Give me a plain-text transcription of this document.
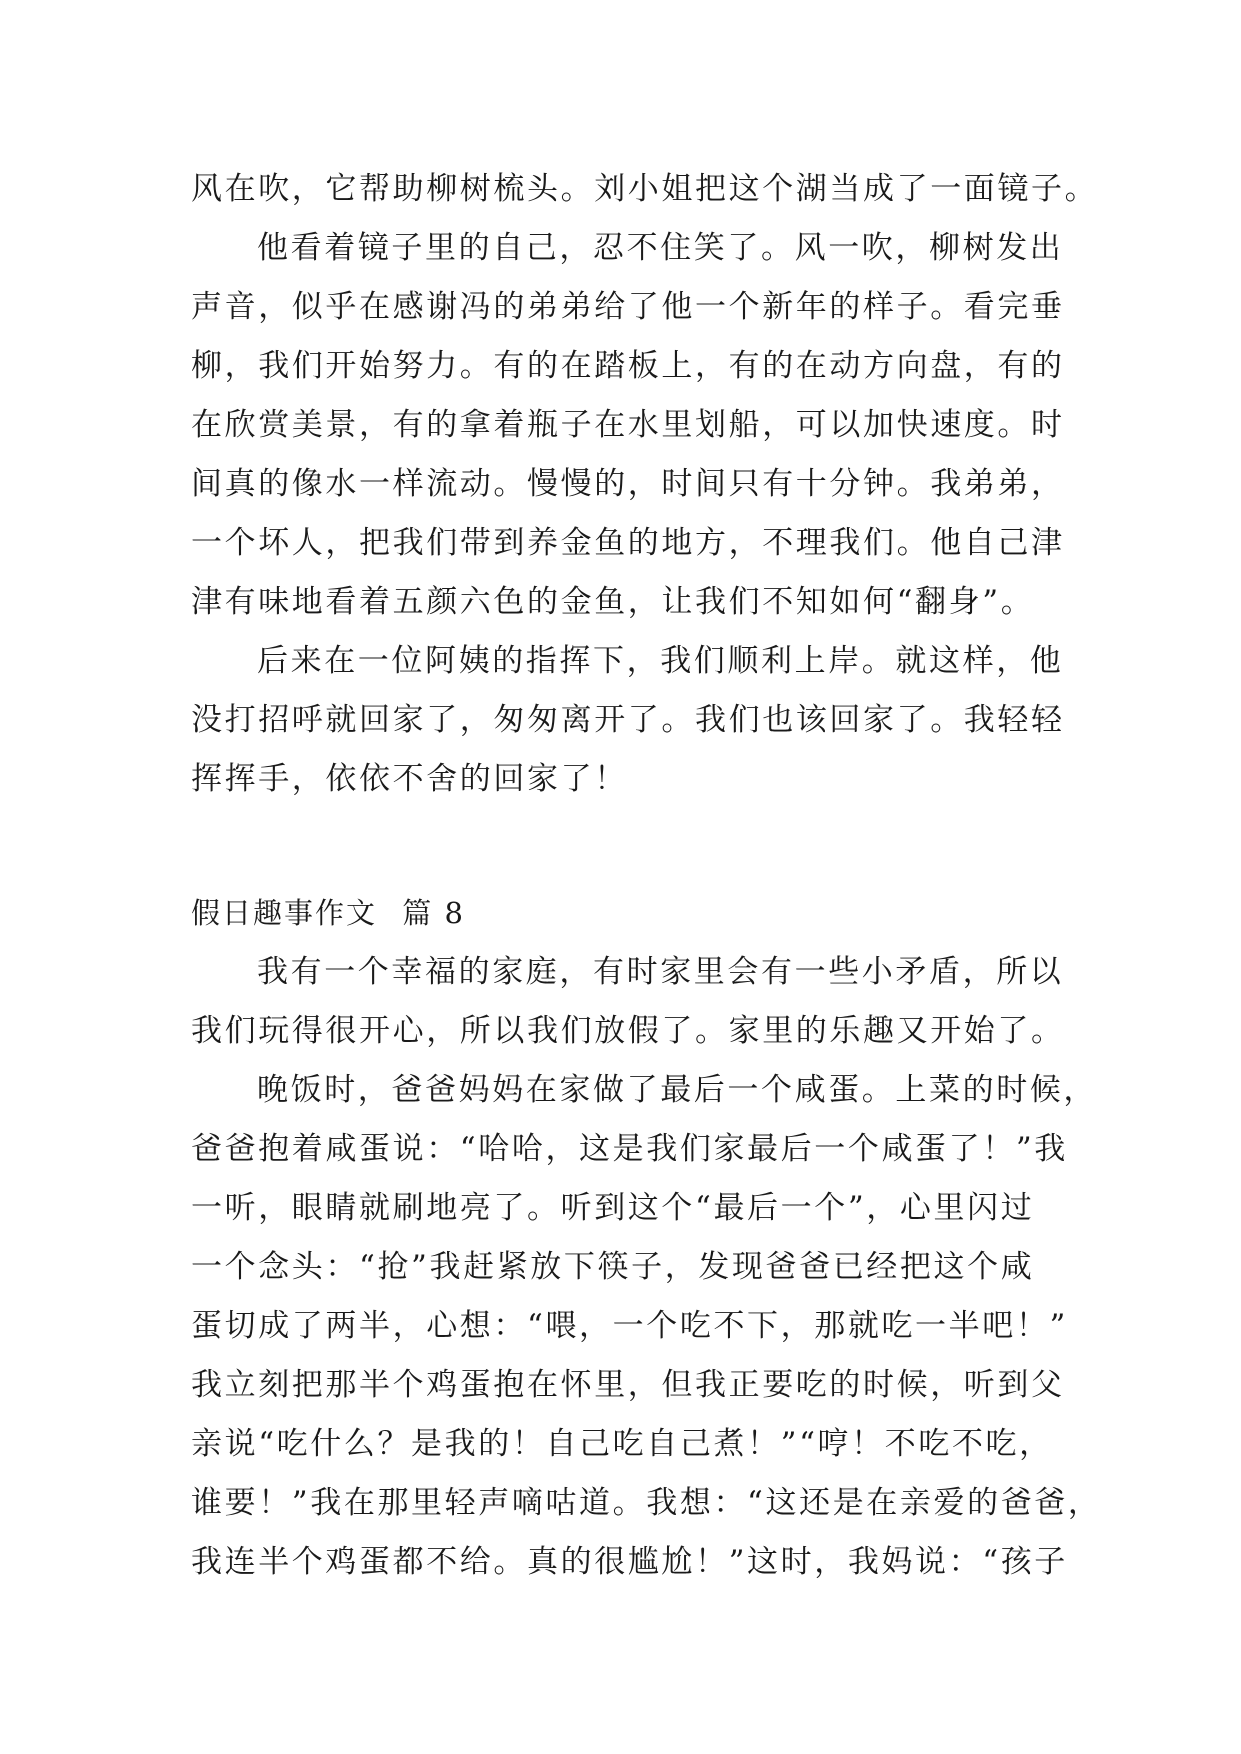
风在吹，它帮助柳树梳头。刘小姐把这个湖当成了一面镜子。
他看着镜子里的自己，忍不住笑了。风一吹，柳树发出
声音，似乎在感谢冯的弟弟给了他一个新年的样子。看完垂
柳，我们开始努力。有的在踏板上，有的在动方向盘，有的
在欣赏美景，有的拿着瓶子在水里划船，可以加快速度。时
间真的像水一样流动。慢慢的，时间只有十分钟。我弟弟，
一个坏人，把我们带到养金鱼的地方，不理我们。他自己津
津有味地看着五颜六色的金鱼，让我们不知如何“翻身”。
后来在一位阿姨的指挥下，我们顺利上岸。就这样，他
没打招呼就回家了，匆匆离开了。我们也该回家了。我轻轻
挥挥手，依依不舍的回家了！
假日趣事作文 篇 8
我有一个幸福的家庭，有时家里会有一些小矛盾，所以
我们玩得很开心，所以我们放假了。家里的乐趣又开始了。
晚饭时，爸爸妈妈在家做了最后一个咸蛋。上菜的时候，
爸爸抱着咸蛋说：“哈哈，这是我们家最后一个咸蛋了！”我
一听，眼睛就刷地亮了。听到这个“最后一个”，心里闪过
一个念头：“抢”我赶紧放下筷子，发现爸爸已经把这个咸
蛋切成了两半，心想：“喂，一个吃不下，那就吃一半吧！”
我立刻把那半个鸡蛋抱在怀里，但我正要吃的时候，听到父
亲说“吃什么？是我的！自己吃自己煮！”“哼！不吃不吃，
谁要！”我在那里轻声嘀咕道。我想：“这还是在亲爱的爸爸，
我连半个鸡蛋都不给。真的很尴尬！”这时，我妈说：“孩子
